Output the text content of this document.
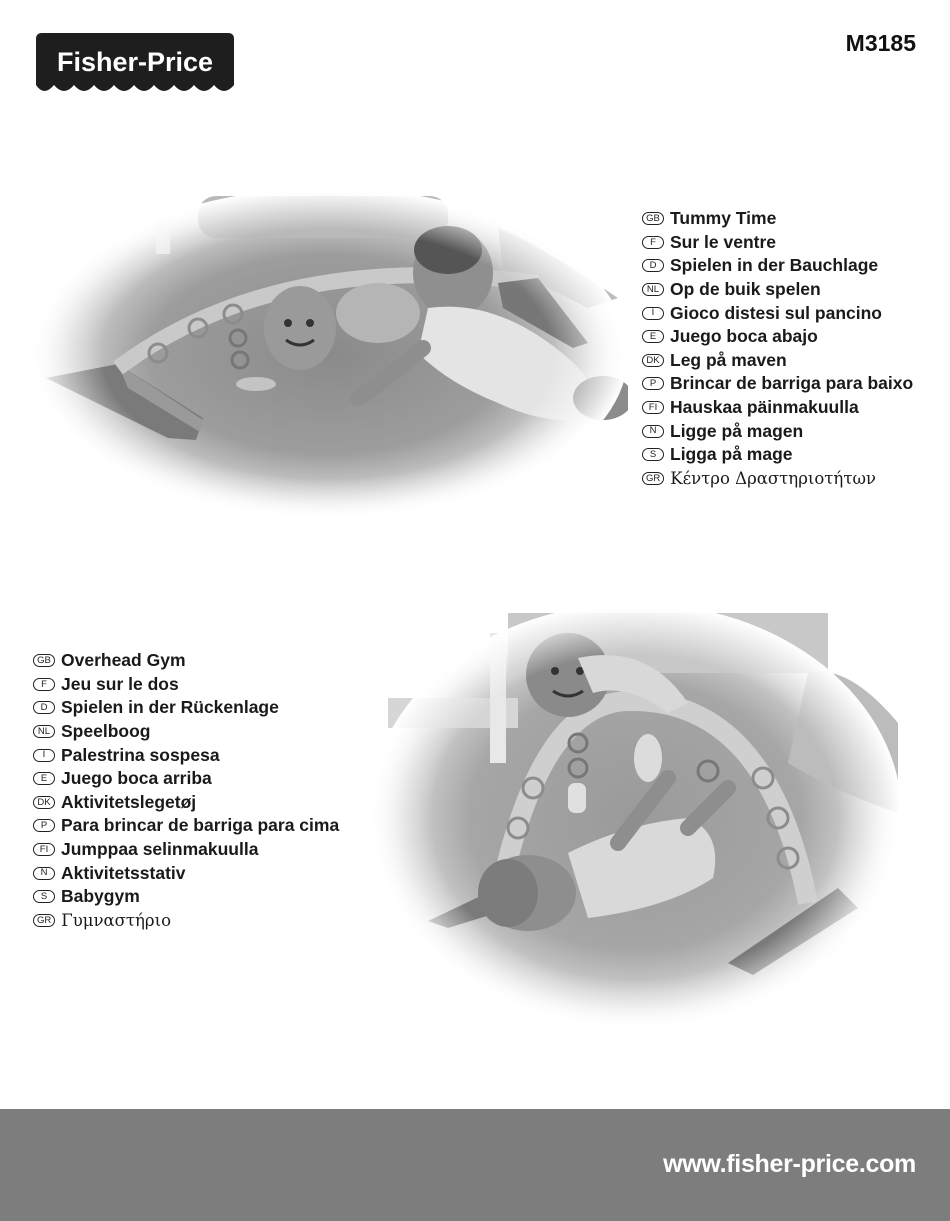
Fisher-Price
M3185
GB Tummy Time
F Sur le ventre
D Spielen in der Bauchlage
NL Op de buik spelen
I Gioco distesi sul pancino
E Juego boca abajo
DK Leg på maven
P Brincar de barriga para baixo
FI Hauskaa päinmakuulla
N Ligge på magen
S Ligga på mage
GR Κέντρο Δραστηριοτήτων
GB Overhead Gym
F Jeu sur le dos
D Spielen in der Rückenlage
NL Speelboog
I Palestrina sospesa
E Juego boca arriba
DK Aktivitetslegetøj
P Para brincar de barriga para cima
FI Jumppaa selinmakuulla
N Aktivitetsstativ
S Babygym
GR Γυμναστήριο
www.fisher-price.com
